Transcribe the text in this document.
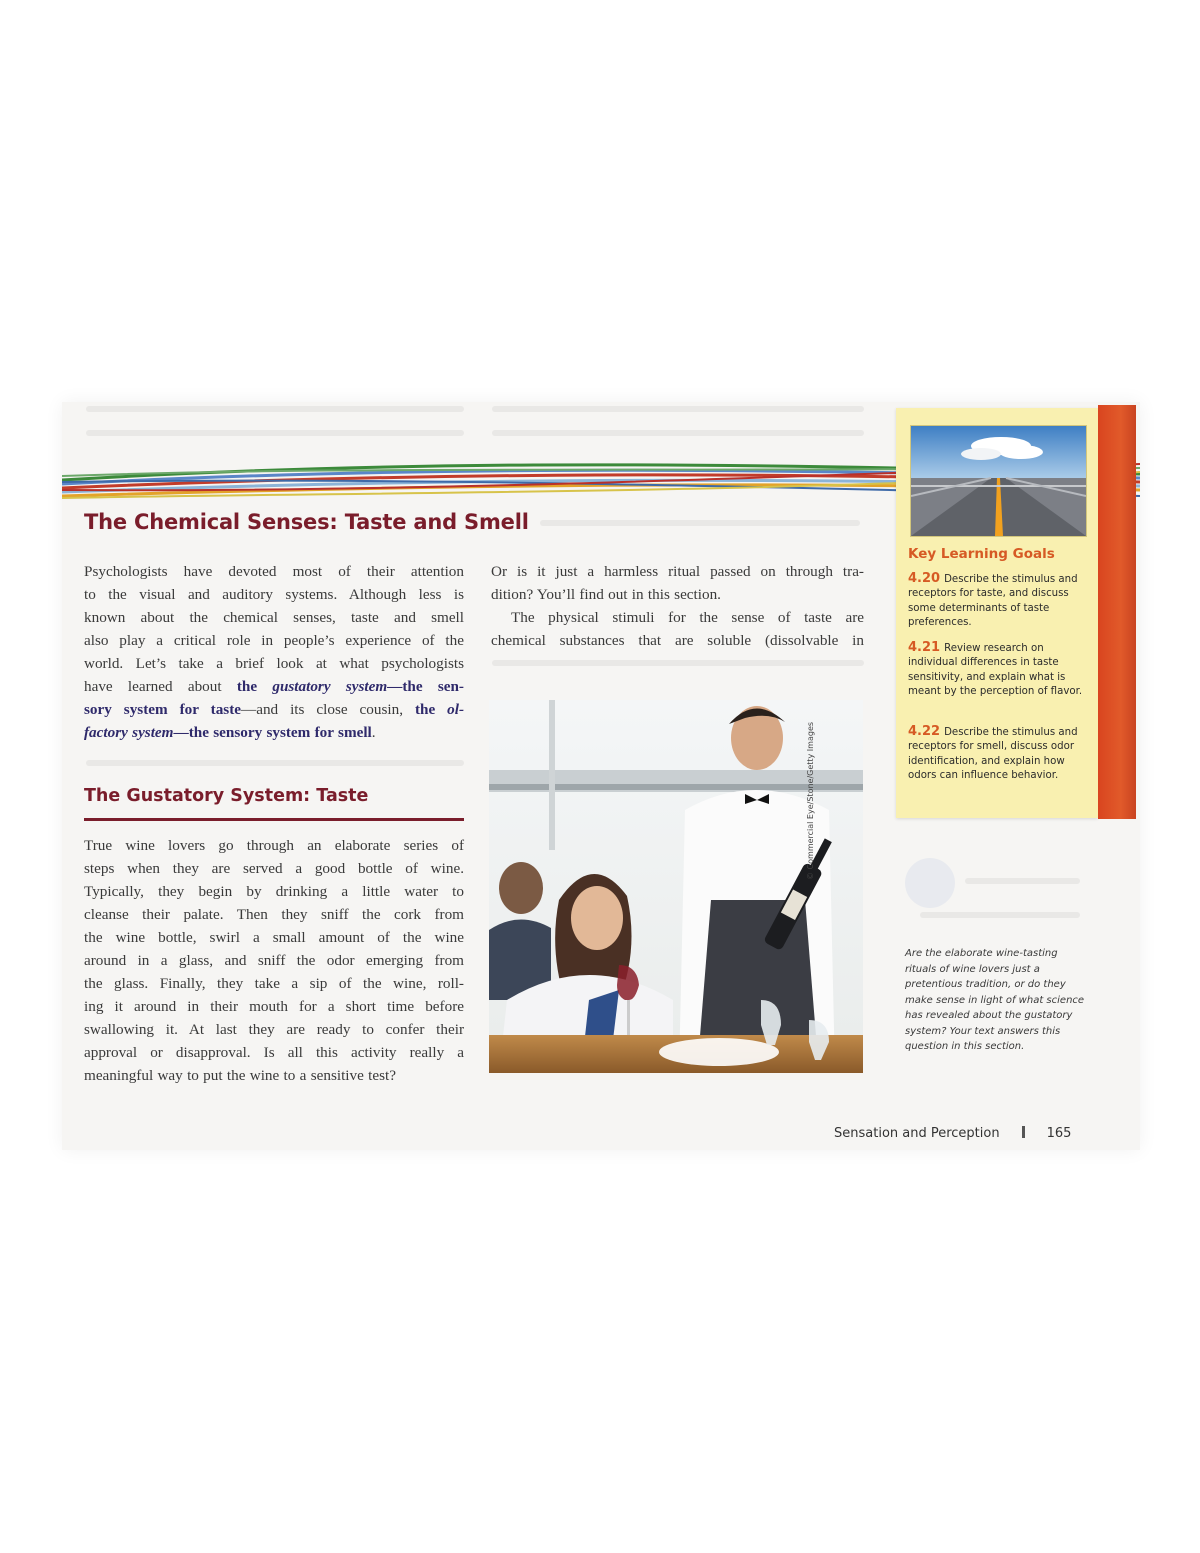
The Chemical Senses: Taste and Smell
Psychologists have devoted most of their attention
to the visual and auditory systems. Although less is
known about the chemical senses, taste and smell
also play a critical role in people’s experience of the
world. Let’s take a brief look at what psychologists
have learned about the gustatory system—the sen-
sory system for taste—and its close cousin, the ol-
factory system—the sensory system for smell.
The Gustatory System: Taste
True wine lovers go through an elaborate series of
steps when they are served a good bottle of wine.
Typically, they begin by drinking a little water to
cleanse their palate. Then they sniff the cork from
the wine bottle, swirl a small amount of the wine
around in a glass, and sniff the odor emerging from
the glass. Finally, they take a sip of the wine, roll-
ing it around in their mouth for a short time before
swallowing it. At last they are ready to confer their
approval or disapproval. Is all this activity really a
meaningful way to put the wine to a sensitive test?
Or is it just a harmless ritual passed on through tra-
dition? You’ll find out in this section.
The physical stimuli for the sense of taste are
chemical substances that are soluble (dissolvable in
© Commercial Eye/Stone/Getty Images
Key Learning Goals
4.20 Describe the stimulus and receptors for taste, and discuss some determinants of taste preferences.
4.21 Review research on individual differences in taste sensitivity, and explain what is meant by the perception of flavor.
4.22 Describe the stimulus and receptors for smell, discuss odor identification, and explain how odors can influence behavior.
Are the elaborate wine-tasting rituals of wine lovers just a pretentious tradition, or do they make sense in light of what science has revealed about the gustatory system? Your text answers this question in this section.
Sensation and Perception	165
